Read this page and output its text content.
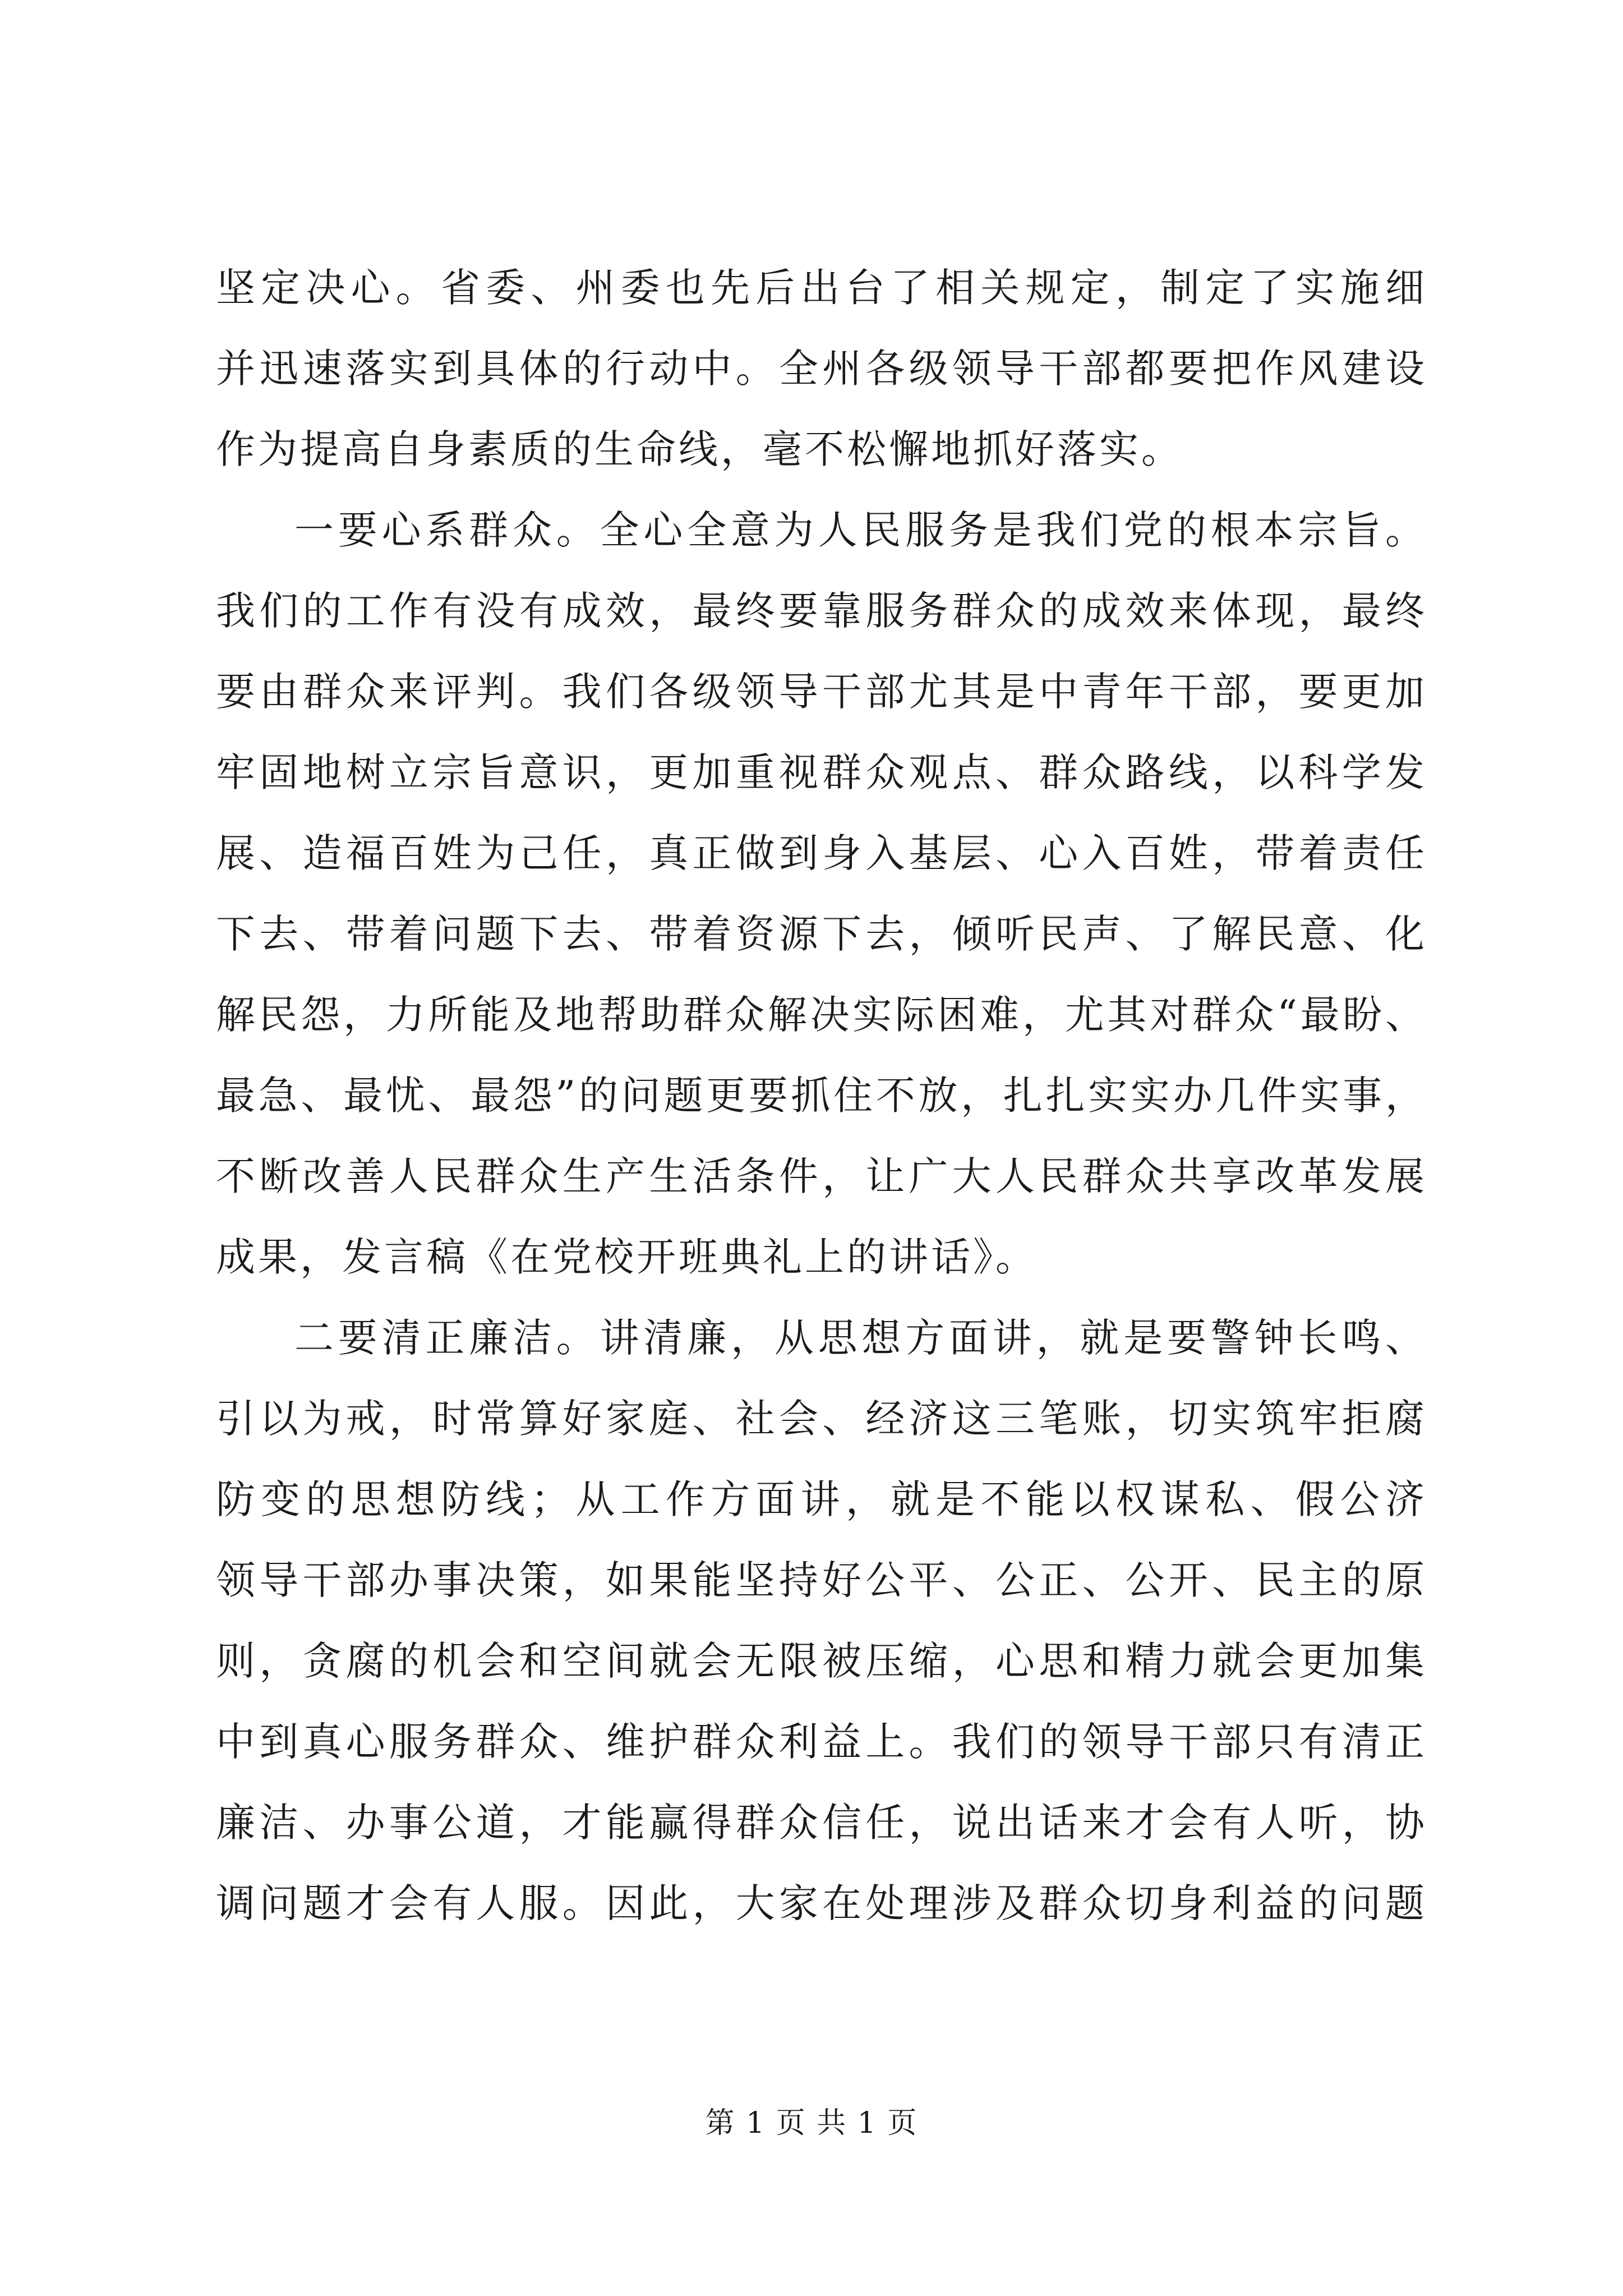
坚定决心。省委、州委也先后出台了相关规定，制定了实施细
并迅速落实到具体的行动中。全州各级领导干部都要把作风建设
作为提高自身素质的生命线，毫不松懈地抓好落实。
一要心系群众。全心全意为人民服务是我们党的根本宗旨。
我们的工作有没有成效，最终要靠服务群众的成效来体现，最终
要由群众来评判。我们各级领导干部尤其是中青年干部，要更加
牢固地树立宗旨意识，更加重视群众观点、群众路线，以科学发
展、造福百姓为己任，真正做到身入基层、心入百姓，带着责任
下去、带着问题下去、带着资源下去，倾听民声、了解民意、化
解民怨，力所能及地帮助群众解决实际困难，尤其对群众“最盼、
最急、最忧、最怨”的问题更要抓住不放，扎扎实实办几件实事，
不断改善人民群众生产生活条件，让广大人民群众共享改革发展
成果，发言稿《在党校开班典礼上的讲话》。
二要清正廉洁。讲清廉，从思想方面讲，就是要警钟长鸣、
引以为戒，时常算好家庭、社会、经济这三笔账，切实筑牢拒腐
防变的思想防线；从工作方面讲，就是不能以权谋私、假公济
领导干部办事决策，如果能坚持好公平、公正、公开、民主的原
则，贪腐的机会和空间就会无限被压缩，心思和精力就会更加集
中到真心服务群众、维护群众利益上。我们的领导干部只有清正
廉洁、办事公道，才能赢得群众信任，说出话来才会有人听，协
调问题才会有人服。因此，大家在处理涉及群众切身利益的问题
第 1 页 共 1 页
